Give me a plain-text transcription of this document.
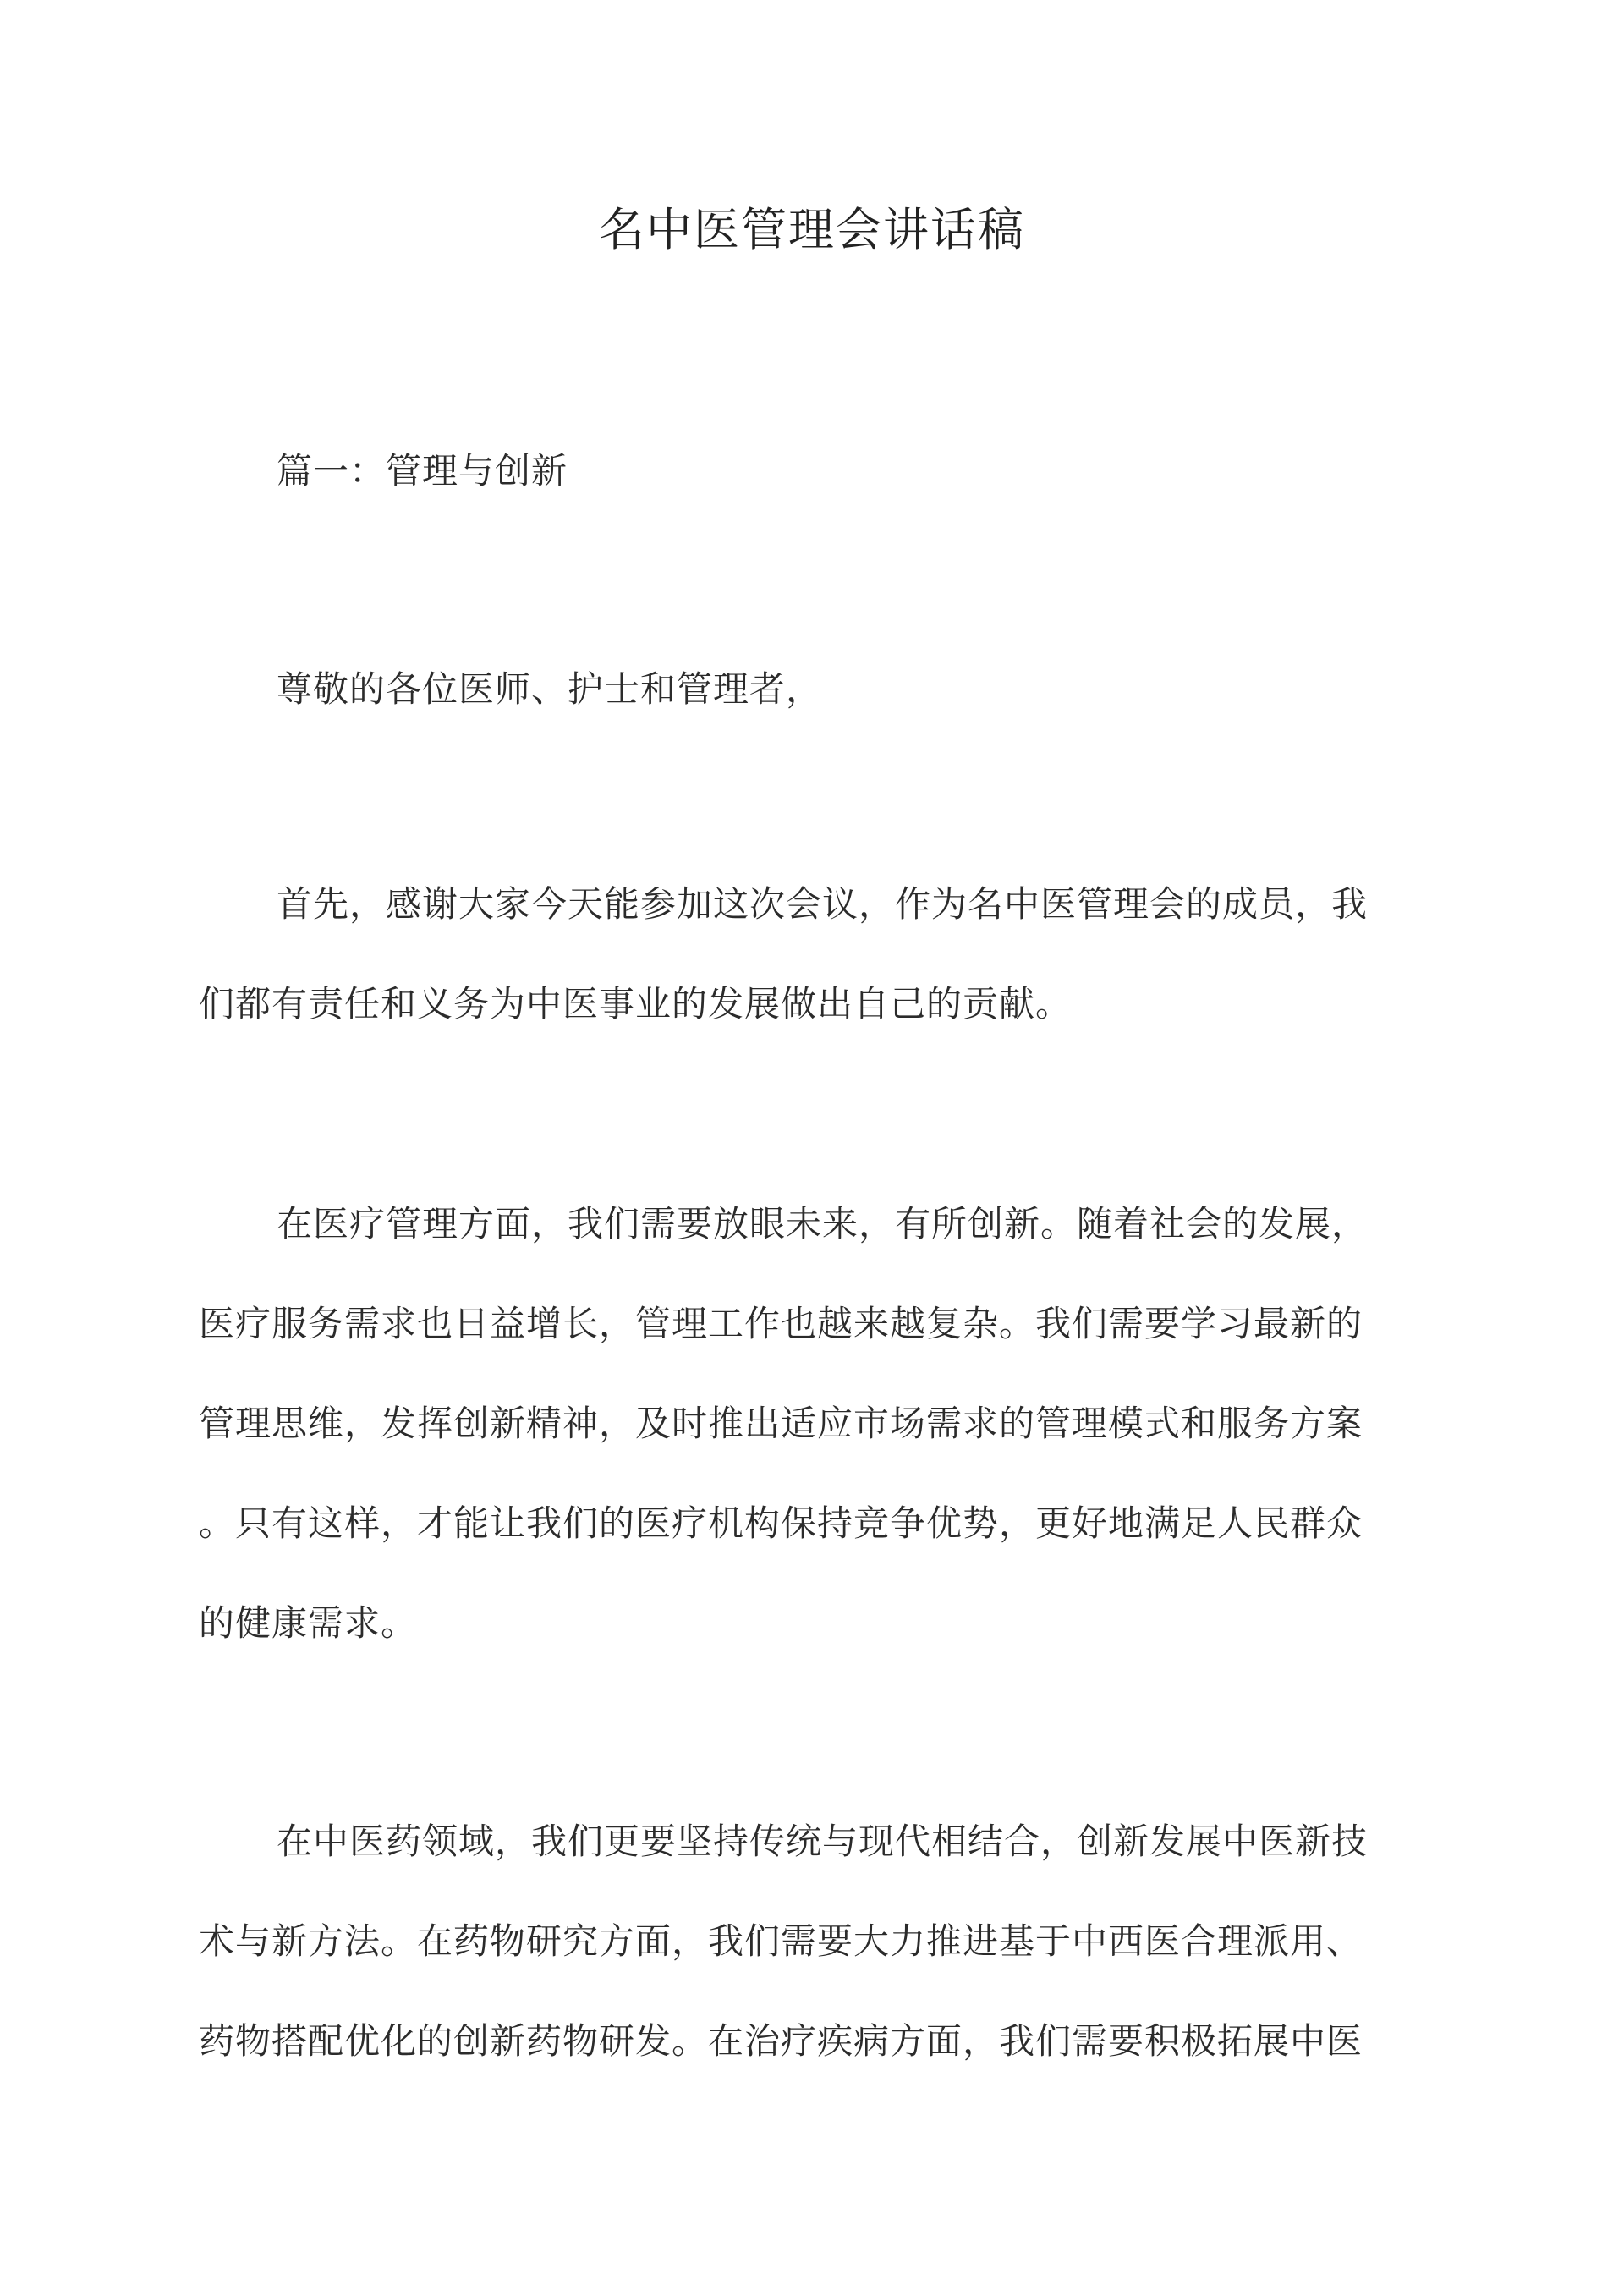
名中医管理会讲话稿

篇一：管理与创新

尊敬的各位医师、护士和管理者，

首先，感谢大家今天能参加这次会议，作为名中医管理会的成员，我
们都有责任和义务为中医事业的发展做出自己的贡献。

在医疗管理方面，我们需要放眼未来，有所创新。随着社会的发展，
医疗服务需求也日益增长，管理工作也越来越复杂。我们需要学习最新的
管理思维，发挥创新精神，及时推出适应市场需求的管理模式和服务方案
。只有这样，才能让我们的医疗机构保持竞争优势，更好地满足人民群众
的健康需求。

在中医药领域，我们更要坚持传统与现代相结合，创新发展中医新技
术与新方法。在药物研究方面，我们需要大力推进基于中西医合理派用、
药物搭配优化的创新药物研发。在治疗疾病方面，我们需要积极拓展中医
